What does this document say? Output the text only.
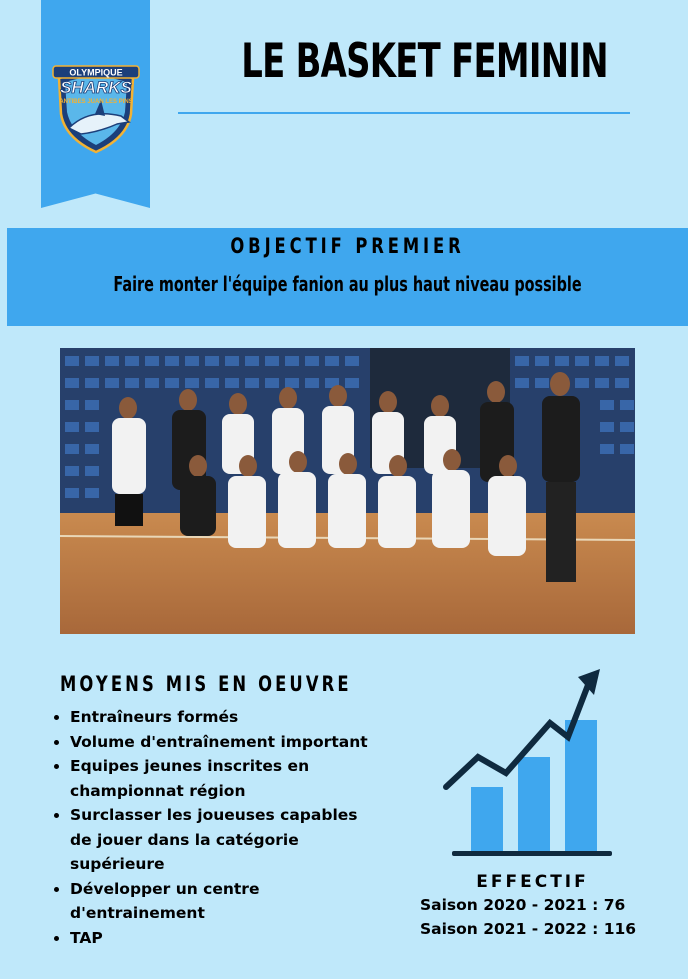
OLYMPIQUE
SHARKS
ANTIBES JUAN LES PINS
LE BASKET FEMININ
OBJECTIF PREMIER
Faire monter l'équipe fanion au plus haut niveau possible
MOYENS MIS EN OEUVRE
• Entraîneurs formés
• Volume d'entraînement important
• Equipes jeunes inscrites en championnat région
• Surclasser les joueuses capables de jouer dans la catégorie supérieure
• Développer un centre d'entrainement
• TAP
EFFECTIF
Saison 2020 - 2021 : 76
Saison 2021 - 2022 : 116
